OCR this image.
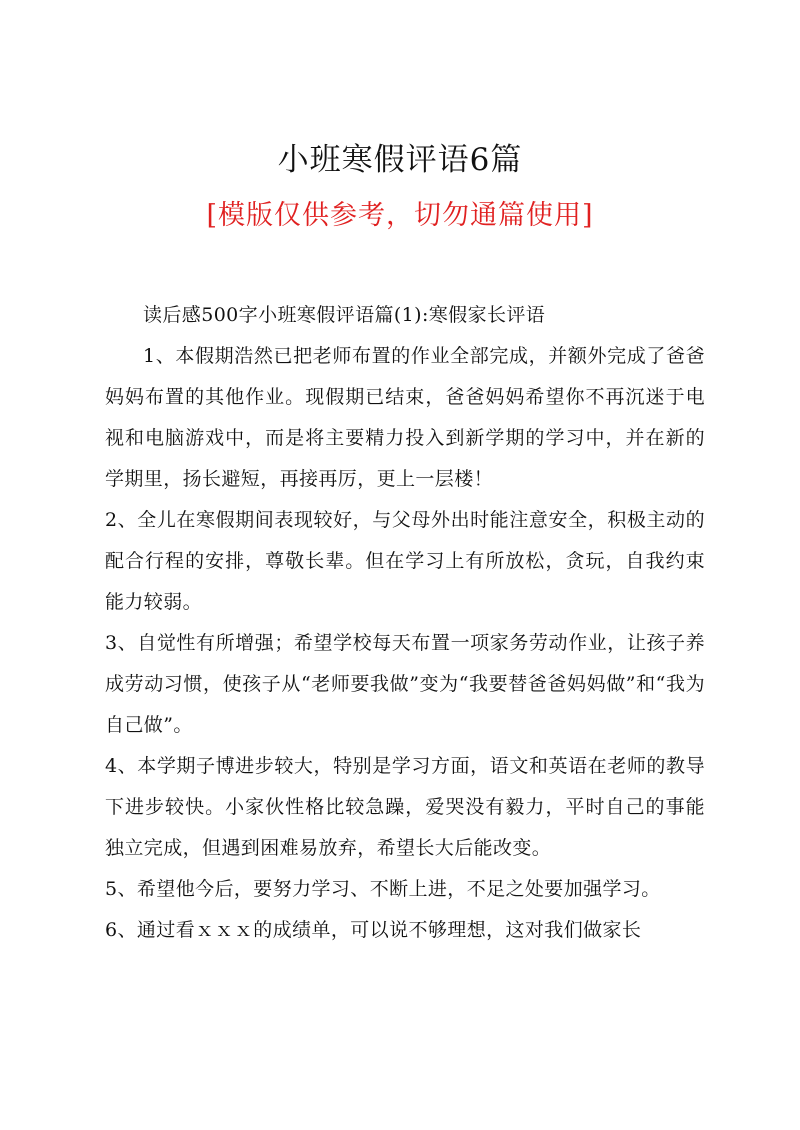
小班寒假评语6篇
[模版仅供参考，切勿通篇使用]

读后感500字小班寒假评语篇(1):寒假家长评语

1、本假期浩然已把老师布置的作业全部完成，并额外完成了爸爸妈妈布置的其他作业。现假期已结束，爸爸妈妈希望你不再沉迷于电视和电脑游戏中，而是将主要精力投入到新学期的学习中，并在新的学期里，扬长避短，再接再厉，更上一层楼！

2、全儿在寒假期间表现较好，与父母外出时能注意安全，积极主动的配合行程的安排，尊敬长辈。但在学习上有所放松，贪玩，自我约束能力较弱。

3、自觉性有所增强；希望学校每天布置一项家务劳动作业，让孩子养成劳动习惯，使孩子从“老师要我做”变为“我要替爸爸妈妈做”和“我为自己做”。

4、本学期子博进步较大，特别是学习方面，语文和英语在老师的教导下进步较快。小家伙性格比较急躁，爱哭没有毅力，平时自己的事能独立完成，但遇到困难易放弃，希望长大后能改变。

5、希望他今后，要努力学习、不断上进，不足之处要加强学习。

6、通过看ｘｘｘ的成绩单，可以说不够理想，这对我们做家长
